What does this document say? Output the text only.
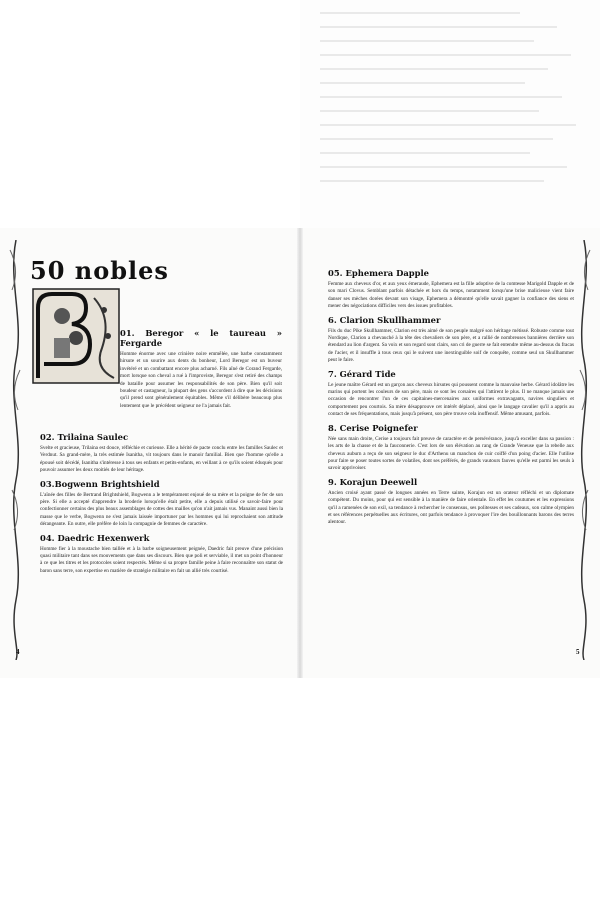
50 nobles
01. Beregor « le taureau » Fergarde

Homme énorme avec une crinière noire emmêlée, une barbe constamment hirsute et un sourire aux dents du bonheur, Lord Beregor est un buveur invétéré et un combattant encore plus acharné. Fils aîné de Corand Fergarde, mort lorsque son cheval a rué à l'improviste, Beregor s'est retiré des champs de bataille pour assumer les responsabilités de son père. Bien qu'il soit boudeur et castagneur, la plupart des gens s'accordent à dire que les décisions qu'il prend sont généralement équitables. Même s'il délibère beaucoup plus lentement que le précédent seigneur ne l'a jamais fait.

02. Trilaina Saulec

Svelte et gracieuse, Trilaina est douce, réfléchie et curieuse. Elle a hérité de pacte conclu entre les familles Saulec et Verdnut. Sa grand-mère, la très estimée Isanitha, vit toujours dans le manoir familial. Bien que l'homme qu'elle a épousé soit décédé, Isanitha s'intéresse à tous ses enfants et petits-enfants, en veillant à ce qu'ils soient éduqués pour pouvoir assumer les deux moitiés de leur héritage.

03.Bogwenn Brightshield

L'aînée des filles de Bertrand Brightshield, Bogwenn a le tempérament enjoué de sa mère et la poigne de fer de son père. Si elle a accepté d'apprendre la broderie lorsqu'elle était petite, elle a depuis utilisé ce savoir-faire pour confectionner certains des plus beaux assemblages de cottes des mailles qu'on n'ait jamais vus. Manaint aussi bien la masse que le verbe, Bogwenn ne s'est jamais laissée importuner par les hommes qui lui reprochaient son attitude dérangeante. En outre, elle préfère de loin la compagnie de femmes de caractère.

04. Daedric Hexenwerk

Homme fier à la moustache bien taillée et à la barbe soigneusement peignée, Daedric fait preuve d'une précision quasi militaire tant dans ses mouvements que dans ses discours. Bien que poli et serviable, il met un point d'honneur à ce que les titres et les protocoles soient respectés. Même si sa propre famille peine à faire reconnaître son statut de baron sans terre, son expertise en matière de stratégie militaire en fait un allié très courtisé.

4
05. Ephemera Dapple

Femme aux cheveux d'or, et aux yeux émeraude, Ephemera est la fille adoptive de la comtesse Marigold Dapple et de son mari Clovus. Semblant parfois détachée et hors du temps, notamment lorsqu'une brise malicieuse vient faire danser ses mèches dorées devant son visage, Ephemera a démontré qu'elle savait gagner la confiance des siens et mener des négociations difficiles vers des issues profitables.

6. Clarion Skullhammer

Fils du duc Pike Skullhammer, Clarion est très aimé de son peuple malgré son héritage métissé. Robuste comme tout Nordique, Clarion a chevauché à la tête des chevaliers de son père, et a rallié de nombreuses bannières derrière son étendard au lion d'argent. Sa voix et son regard sont clairs, son cri de guerre se fait entendre même au-dessus du fracas de l'acier, et il insuffle à tous ceux qui le suivent une inextinguible soif de conquête, comme seul un Skullhammer peut le faire.

7. Gérard Tide

Le jeune maître Gérard est un garçon aux cheveux hirsutes qui poussent comme la mauvaise herbe. Gérard idolâtre les marins qui portent les couleurs de son père, mais ce sont les corsaires qui l'attirent le plus. Il ne manque jamais une occasion de rencontrer l'un de ces capitaines-mercenaires aux uniformes extravagants, navires singuliers et comportement peu courtois. Sa mère désapprouve cet intérêt déplacé, ainsi que le langage cavalier qu'il a appris au contact de ses fréquentations, mais jusqu'à présent, son père trouve cela inoffensif. Même amusant, parfois.

8. Cerise Poignefer

Née sans main droite, Cerise a toujours fait preuve de caractère et de persévérance, jusqu'à exceller dans sa passion : les arts de la chasse et de la fauconnerie. C'est lors de son élévation au rang de Grande Veneuse que la rebelle aux cheveux auburn a reçu de son seigneur le duc d'Arthenu un manchon de cuir coiffé d'un poing d'acier. Elle l'utilise pour faire se poser toutes sortes de volatiles, dont ses préférés, de grands vautours fauves qu'elle est parmi les seuls à savoir apprivoiser.

9. Korajun Deewell

Ancien croisé ayant passé de longues années en Terre sainte, Korajun est un orateur réfléchi et un diplomate compétent. Du moins, pour qui est sensible à la manière de faire orientale. En effet les coutumes et les expressions qu'il a ramenées de son exil, sa tendance à rechercher le consensus, ses politesses et ses cadeaux, son calme olympien et ses références perpétuelles aux écritures, ont parfois tendance à provoquer l'ire des bouillonnants barons des terres alentour.

5
